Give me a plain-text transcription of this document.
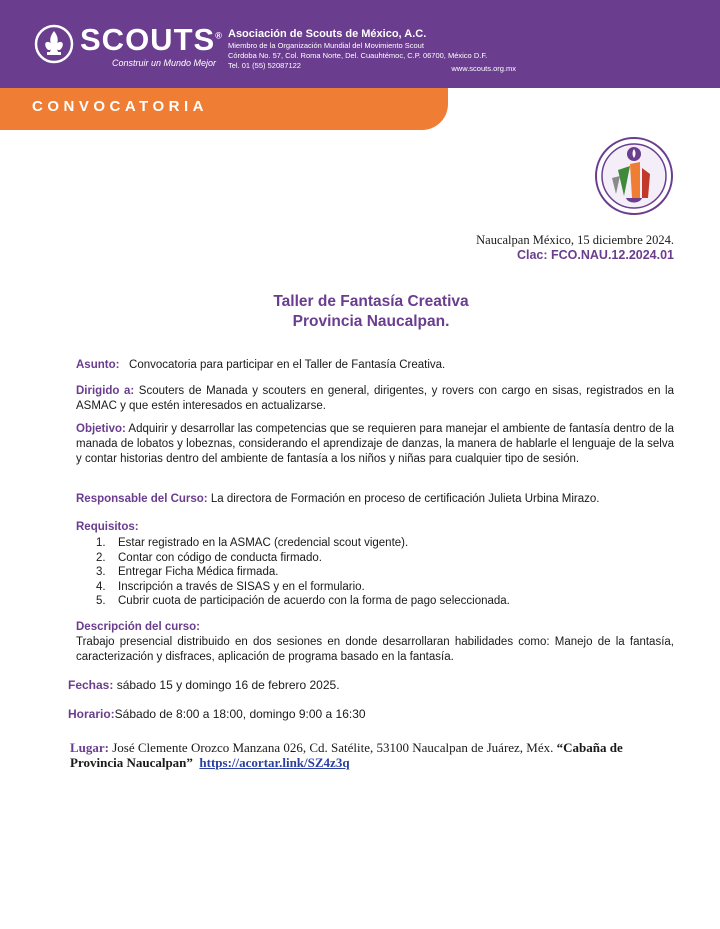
SCOUTS®
Construir un Mundo Mejor
Asociación de Scouts de México, A.C.
Miembro de la Organización Mundial del Movimiento Scout
Córdoba No. 57, Col. Roma Norte, Del. Cuauhtémoc, C.P. 06700, México D.F.
Tel. 01 (55) 52087122	www.scouts.org.mx
CONVOCATORIA
Naucalpan México, 15 diciembre 2024.
Clac: FCO.NAU.12.2024.01
Taller de Fantasía Creativa
Provincia Naucalpan.
Asunto: Convocatoria para participar en el Taller de Fantasía Creativa.
Dirigido a: Scouters de Manada y scouters en general, dirigentes, y rovers con cargo en sisas, registrados en la ASMAC y que estén interesados en actualizarse.
Objetivo: Adquirir y desarrollar las competencias que se requieren para manejar el ambiente de fantasía dentro de la manada de lobatos y lobeznas, considerando el aprendizaje de danzas, la manera de hablarle el lenguaje de la selva y contar historias dentro del ambiente de fantasía a los niños y niñas para cualquier tipo de sesión.
Responsable del Curso: La directora de Formación en proceso de certificación Julieta Urbina Mirazo.
Requisitos:
1.	Estar registrado en la ASMAC (credencial scout vigente).
2.	Contar con código de conducta firmado.
3.	Entregar Ficha Médica firmada.
4.	Inscripción a través de SISAS y en el formulario.
5.	Cubrir cuota de participación de acuerdo con la forma de pago seleccionada.
Descripción del curso:
Trabajo presencial distribuido en dos sesiones en donde desarrollaran habilidades como: Manejo de la fantasía, caracterización y disfraces, aplicación de programa basado en la fantasía.
Fechas: sábado 15 y domingo 16 de febrero 2025.
Horario:Sábado de 8:00 a 18:00, domingo 9:00 a 16:30
Lugar: José Clemente Orozco Manzana 026, Cd. Satélite, 53100 Naucalpan de Juárez, Méx. “Cabaña de Provincia Naucalpan” https://acortar.link/SZ4z3q
